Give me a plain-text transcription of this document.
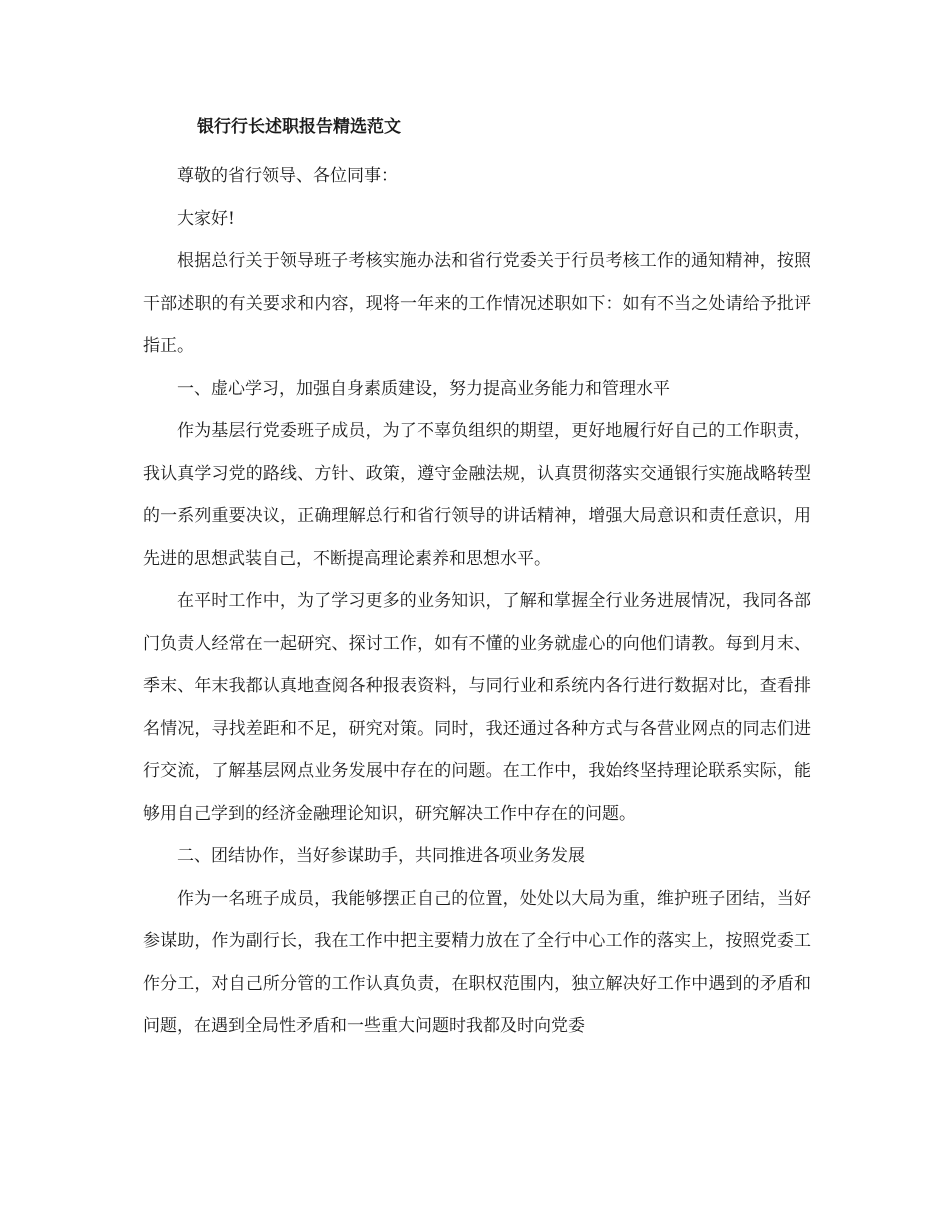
银行行长述职报告精选范文

尊敬的省行领导、各位同事：

大家好!

根据总行关于领导班子考核实施办法和省行党委关于行员考核工作的通知精神，按照干部述职的有关要求和内容，现将一年来的工作情况述职如下：如有不当之处请给予批评指正。

一、虚心学习，加强自身素质建设，努力提高业务能力和管理水平

作为基层行党委班子成员，为了不辜负组织的期望，更好地履行好自己的工作职责，我认真学习党的路线、方针、政策，遵守金融法规，认真贯彻落实交通银行实施战略转型的一系列重要决议，正确理解总行和省行领导的讲话精神，增强大局意识和责任意识，用先进的思想武装自己，不断提高理论素养和思想水平。

在平时工作中，为了学习更多的业务知识，了解和掌握全行业务进展情况，我同各部门负责人经常在一起研究、探讨工作，如有不懂的业务就虚心的向他们请教。每到月末、季末、年末我都认真地查阅各种报表资料，与同行业和系统内各行进行数据对比，查看排名情况，寻找差距和不足，研究对策。同时，我还通过各种方式与各营业网点的同志们进行交流，了解基层网点业务发展中存在的问题。在工作中，我始终坚持理论联系实际，能够用自己学到的经济金融理论知识，研究解决工作中存在的问题。

二、团结协作，当好参谋助手，共同推进各项业务发展

作为一名班子成员，我能够摆正自己的位置，处处以大局为重，维护班子团结，当好参谋助，作为副行长，我在工作中把主要精力放在了全行中心工作的落实上，按照党委工作分工，对自己所分管的工作认真负责，在职权范围内，独立解决好工作中遇到的矛盾和问题，在遇到全局性矛盾和一些重大问题时我都及时向党委
